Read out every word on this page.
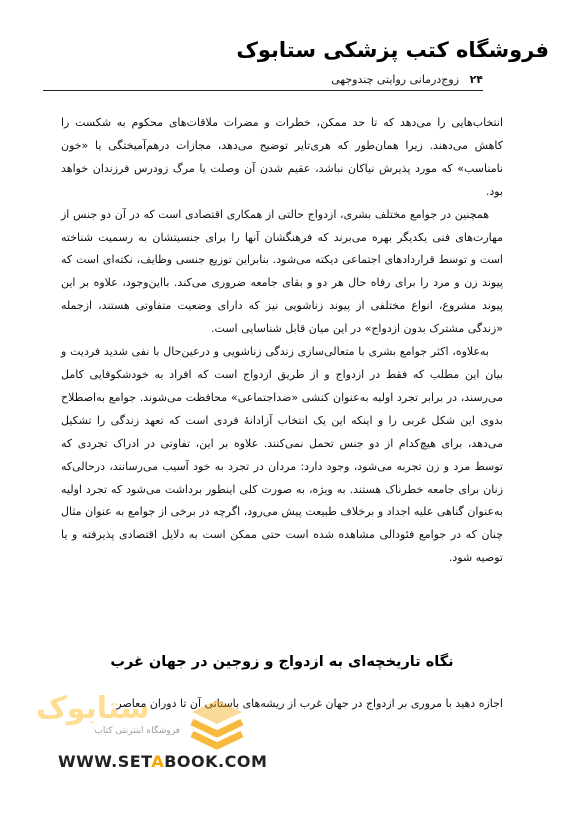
فروشگاه کتب پزشکی ستابوک
۲۴
زوج‌درمانی روایتی چندوجهی

انتخاب‌هایی را می‌دهد که تا حد ممکن، خطرات و مضرات ملاقات‌های محکوم به شکست را کاهش می‌دهند. زیرا همان‌طور که هری‌تایر توضیح می‌دهد، مجازات درهم‌آمیختگی یا «خون نامناسب» که مورد پذیرش نیاکان نباشد، عقیم شدن آن وصلت یا مرگ زودرس فرزندان خواهد بود.

همچنین در جوامع مختلف بشری، ازدواج حالتی از همکاری اقتصادی است که در آن دو جنس از مهارت‌های فنی یکدیگر بهره می‌برند که فرهنگشان آنها را برای جنسیتشان به رسمیت شناخته است و توسط قراردادهای اجتماعی دیکته می‌شود. بنابراین توزیع جنسی وظایف، نکته‌ای است که پیوند زن و مرد را برای رفاه حال هر دو و بقای جامعه ضروری می‌کند. بااین‌وجود، علاوه بر این پیوند مشروع، انواع مختلفی از پیوند زناشویی نیز که دارای وضعیت متفاوتی هستند، ازجمله «زندگی مشترک بدون ازدواج» در این میان قابل شناسایی است.

به‌علاوه، اکثر جوامع بشری با متعالی‌سازی زندگی زناشویی و درعین‌حال با نفی شدید فردیت و بیان این مطلب که فقط در ازدواج و از طریق ازدواج است که افراد به خودشکوفایی کامل می‌رسند، در برابر تجرد اولیه به‌عنوان کنشی «ضداجتماعی» محافظت می‌شوند. جوامع به‌اصطلاح بدوی این شکل غربی را و اینکه این یک انتخاب آزادانهٔ فردی است که تعهد زندگی را تشکیل می‌دهد، برای هیچ‌کدام از دو جنس تحمل نمی‌کنند. علاوه بر این، تفاوتی در ادراک تجردی که توسط مرد و زن تجربه می‌شود، وجود دارد: مردان در تجرد به خود آسیب می‌رسانند، درحالی‌که زنان برای جامعه خطرناک هستند. به ویژه، به صورت کلی اینطور برداشت می‌شود که تجرد اولیه به‌عنوان گناهی علیه اجداد و برخلاف طبیعت پیش می‌رود، اگرچه در برخی از جوامع به عنوان مثال چنان که در جوامع فئودالی مشاهده شده است حتی ممکن است به دلایل اقتصادی پذیرفته و یا توصیه شود.

نگاه تاریخچه‌ای به ازدواج و زوجین در جهان غرب
اجازه دهید با مروری بر ازدواج در جهان غرب از ریشه‌های باستانی آن تا دوران معاصر
ستابوک
فروشگاه اینترنتی کتاب
WWW.SETABOOK.COM
